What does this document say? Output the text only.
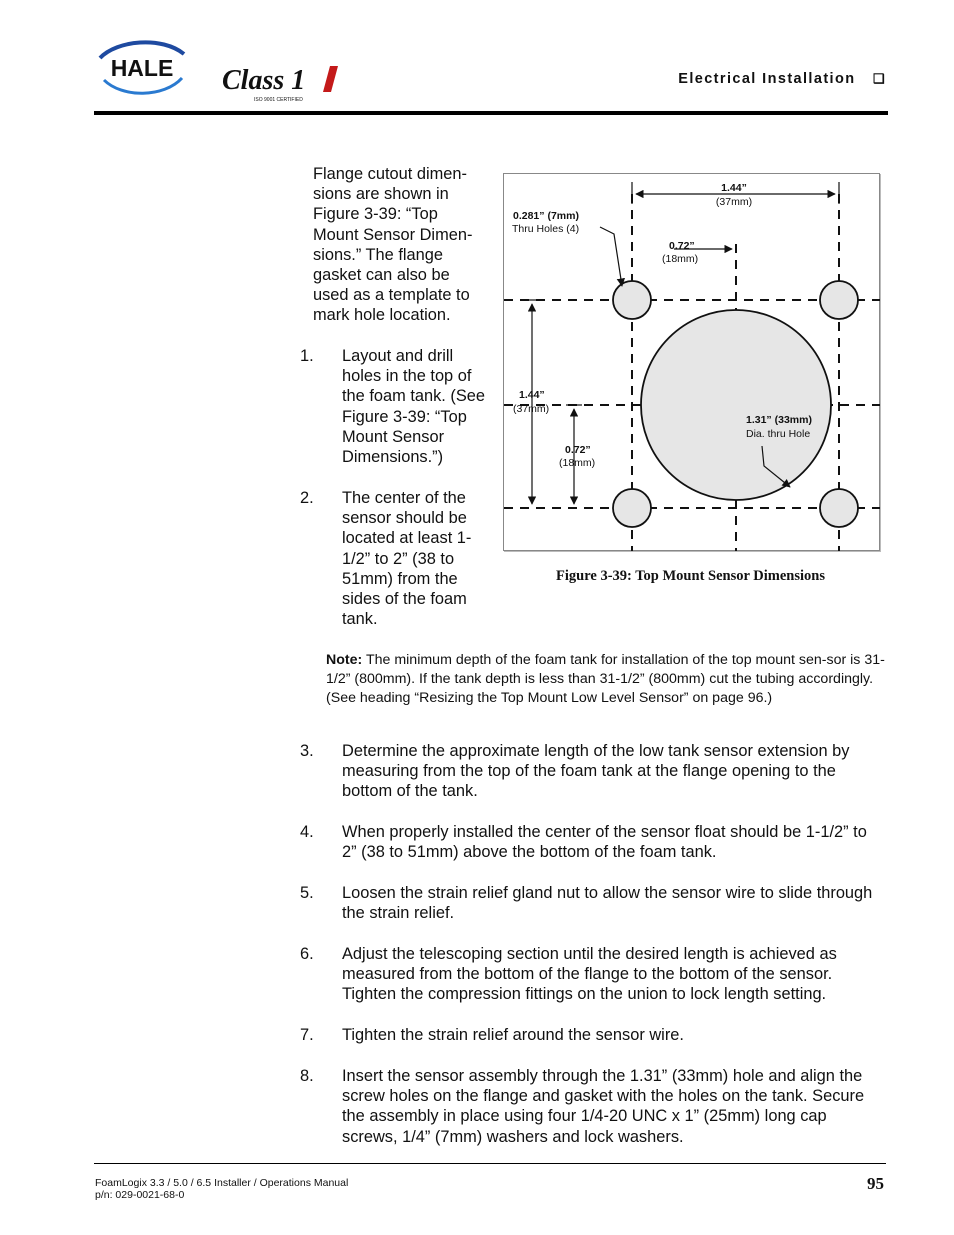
HALE Class 1
ISO 9001 CERTIFIED
Electrical Installation ❑
Flange cutout dimen-sions are shown in Figure 3-39: “Top Mount Sensor Dimen-sions.” The flange gasket can also be used as a template to mark hole location.
1.	Layout and drill holes in the top of the foam tank. (See Figure 3-39: “Top Mount Sensor Dimensions.”)
2.	The center of the sensor should be located at least 1-1/2” to 2” (38 to 51mm) from the sides of the foam tank.
1.44”
(37mm)
0.281” (7mm)
Thru Holes (4)
0.72”
(18mm)
1.44”
(37mm)
0.72”
(18mm)
1.31” (33mm)
Dia. thru Hole
Figure 3-39: Top Mount Sensor Dimensions
Note: The minimum depth of the foam tank for installation of the top mount sen-sor is 31-1/2” (800mm). If the tank depth is less than 31-1/2” (800mm) cut the tubing accordingly. (See heading “Resizing the Top Mount Low Level Sensor” on page 96.)
3.	Determine the approximate length of the low tank sensor extension by measuring from the top of the foam tank at the flange opening to the bottom of the tank.
4.	When properly installed the center of the sensor float should be 1-1/2” to 2” (38 to 51mm) above the bottom of the foam tank.
5.	Loosen the strain relief gland nut to allow the sensor wire to slide through the strain relief.
6.	Adjust the telescoping section until the desired length is achieved as measured from the bottom of the flange to the bottom of the sensor. Tighten the compression fittings on the union to lock length setting.
7.	Tighten the strain relief around the sensor wire.
8.	Insert the sensor assembly through the 1.31” (33mm) hole and align the screw holes on the flange and gasket with the holes on the tank. Secure the assembly in place using four 1/4-20 UNC x 1” (25mm) long cap screws, 1/4” (7mm) washers and lock washers.
FoamLogix 3.3 / 5.0 / 6.5 Installer / Operations Manual
p/n: 029-0021-68-0
95
